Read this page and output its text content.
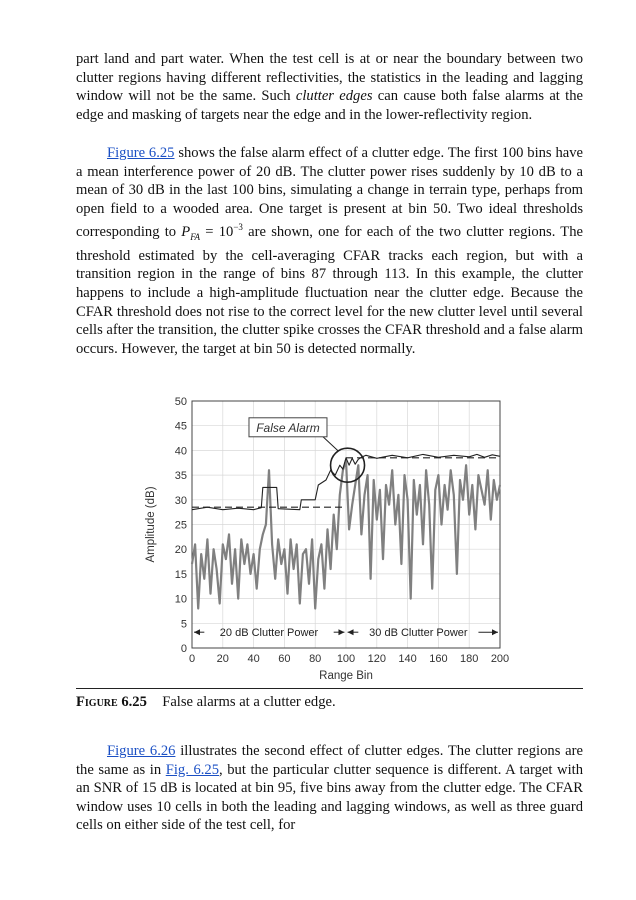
part land and part water. When the test cell is at or near the boundary between two clutter regions having different reflectivities, the statistics in the leading and lagging window will not be the same. Such clutter edges can cause both false alarms at the edge and masking of targets near the edge and in the lower-reflectivity region.

Figure 6.25 shows the false alarm effect of a clutter edge. The first 100 bins have a mean interference power of 20 dB. The clutter power rises suddenly by 10 dB to a mean of 30 dB in the last 100 bins, simulating a change in terrain type, perhaps from open field to a wooded area. One target is present at bin 50. Two ideal thresholds corresponding to $P_{FA} = 10^{-3}$ are shown, one for each of the two clutter regions. The threshold estimated by the cell-averaging CFAR tracks each region, but with a transition region in the range of bins 87 through 113. In this example, the clutter happens to include a high-amplitude fluctuation near the clutter edge. Because the CFAR threshold does not rise to the correct level for the new clutter level until several cells after the transition, the clutter spike crosses the CFAR threshold and a false alarm occurs. However, the target at bin 50 is detected normally.

0 20 40 60 80 100 120 140 160 180 200
0
5
10
15
20
25
30
35
40
45
50
Range Bin
Amplitude (dB)
False Alarm
20 dB Clutter Power	30 dB Clutter Power
Figure 6.25 False alarms at a clutter edge.

Figure 6.26 illustrates the second effect of clutter edges. The clutter regions are the same as in Fig. 6.25, but the particular clutter sequence is different. A target with an SNR of 15 dB is located at bin 95, five bins away from the clutter edge. The CFAR window uses 10 cells in both the leading and lagging windows, as well as three guard cells on either side of the test cell, for
